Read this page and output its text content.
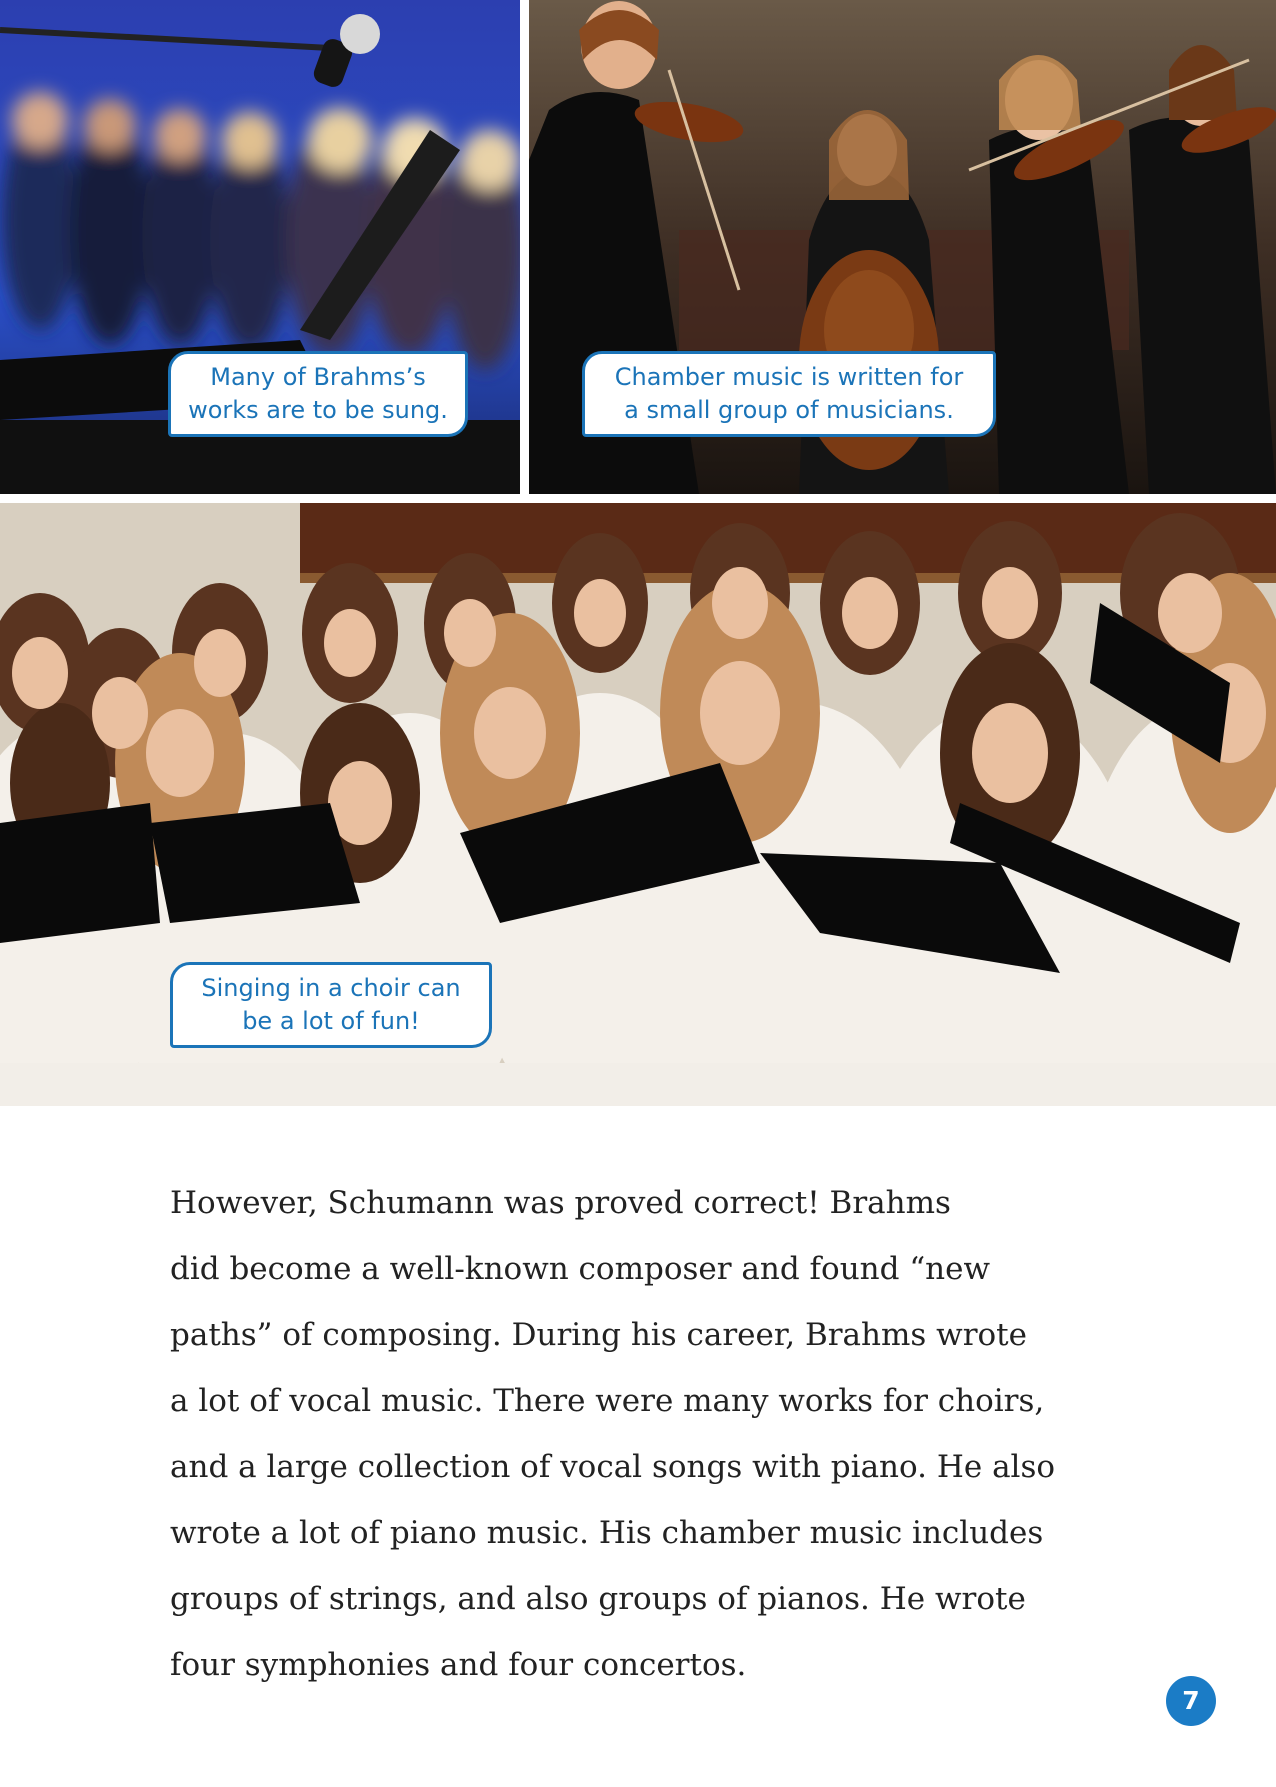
Many of Brahms’s
works are to be sung.
Chamber music is written for
a small group of musicians.
Singing in a choir can
be a lot of fun!
However, Schumann was proved correct! Brahms
did become a well-known composer and found “new
paths” of composing. During his career, Brahms wrote
a lot of vocal music. There were many works for choirs,
and a large collection of vocal songs with piano. He also
wrote a lot of piano music. His chamber music includes
groups of strings, and also groups of pianos. He wrote
four symphonies and four concertos.
7
